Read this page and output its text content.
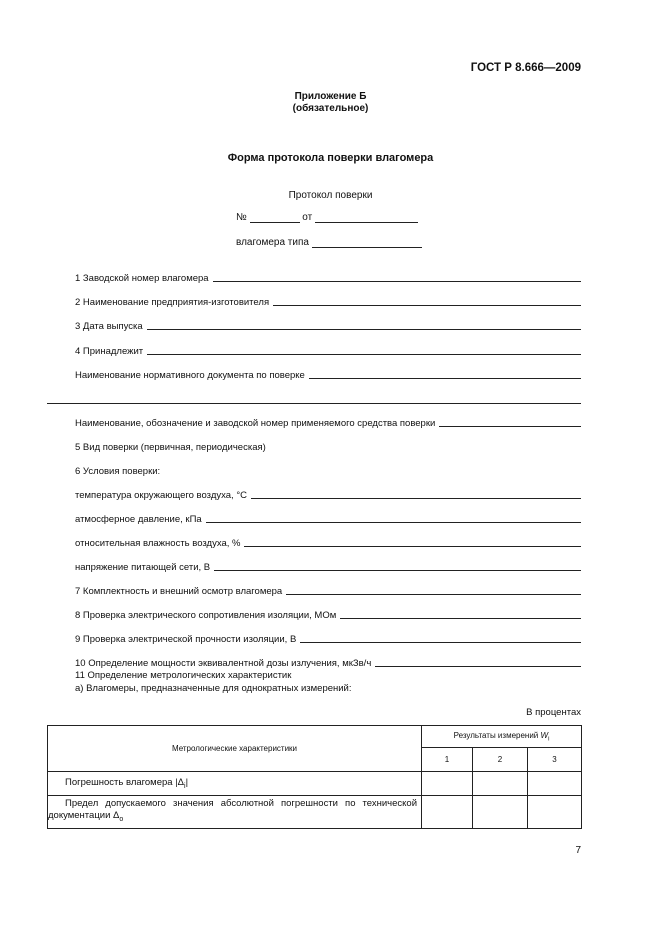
ГОСТ Р 8.666—2009
Приложение Б
(обязательное)
Форма протокола поверки влагомера
Протокол поверки
№	от
влагомера типа
1 Заводской номер влагомера
2 Наименование предприятия-изготовителя
3 Дата выпуска
4 Принадлежит
Наименование нормативного документа по поверке
Наименование, обозначение и заводской номер применяемого средства поверки
5 Вид поверки (первичная, периодическая)
6 Условия поверки:
температура окружающего воздуха, °С
атмосферное давление, кПа
относительная влажность воздуха, %
напряжение питающей сети, В
7 Комплектность и внешний осмотр влагомера
8 Проверка электрического сопротивления изоляции, МОм
9 Проверка электрической прочности изоляции, В
10 Определение мощности эквивалентной дозы излучения, мкЗв/ч
11 Определение метрологических характеристик
а) Влагомеры, предназначенные для однократных измерений:
В процентах
Метрологические характеристики	Результаты измерений $W_i$
	1	2	3
Погрешность влагомера $|\Delta_i|$			
Предел допускаемого значения абсолютной погрешности по технической документации $\Delta_о$			
7
